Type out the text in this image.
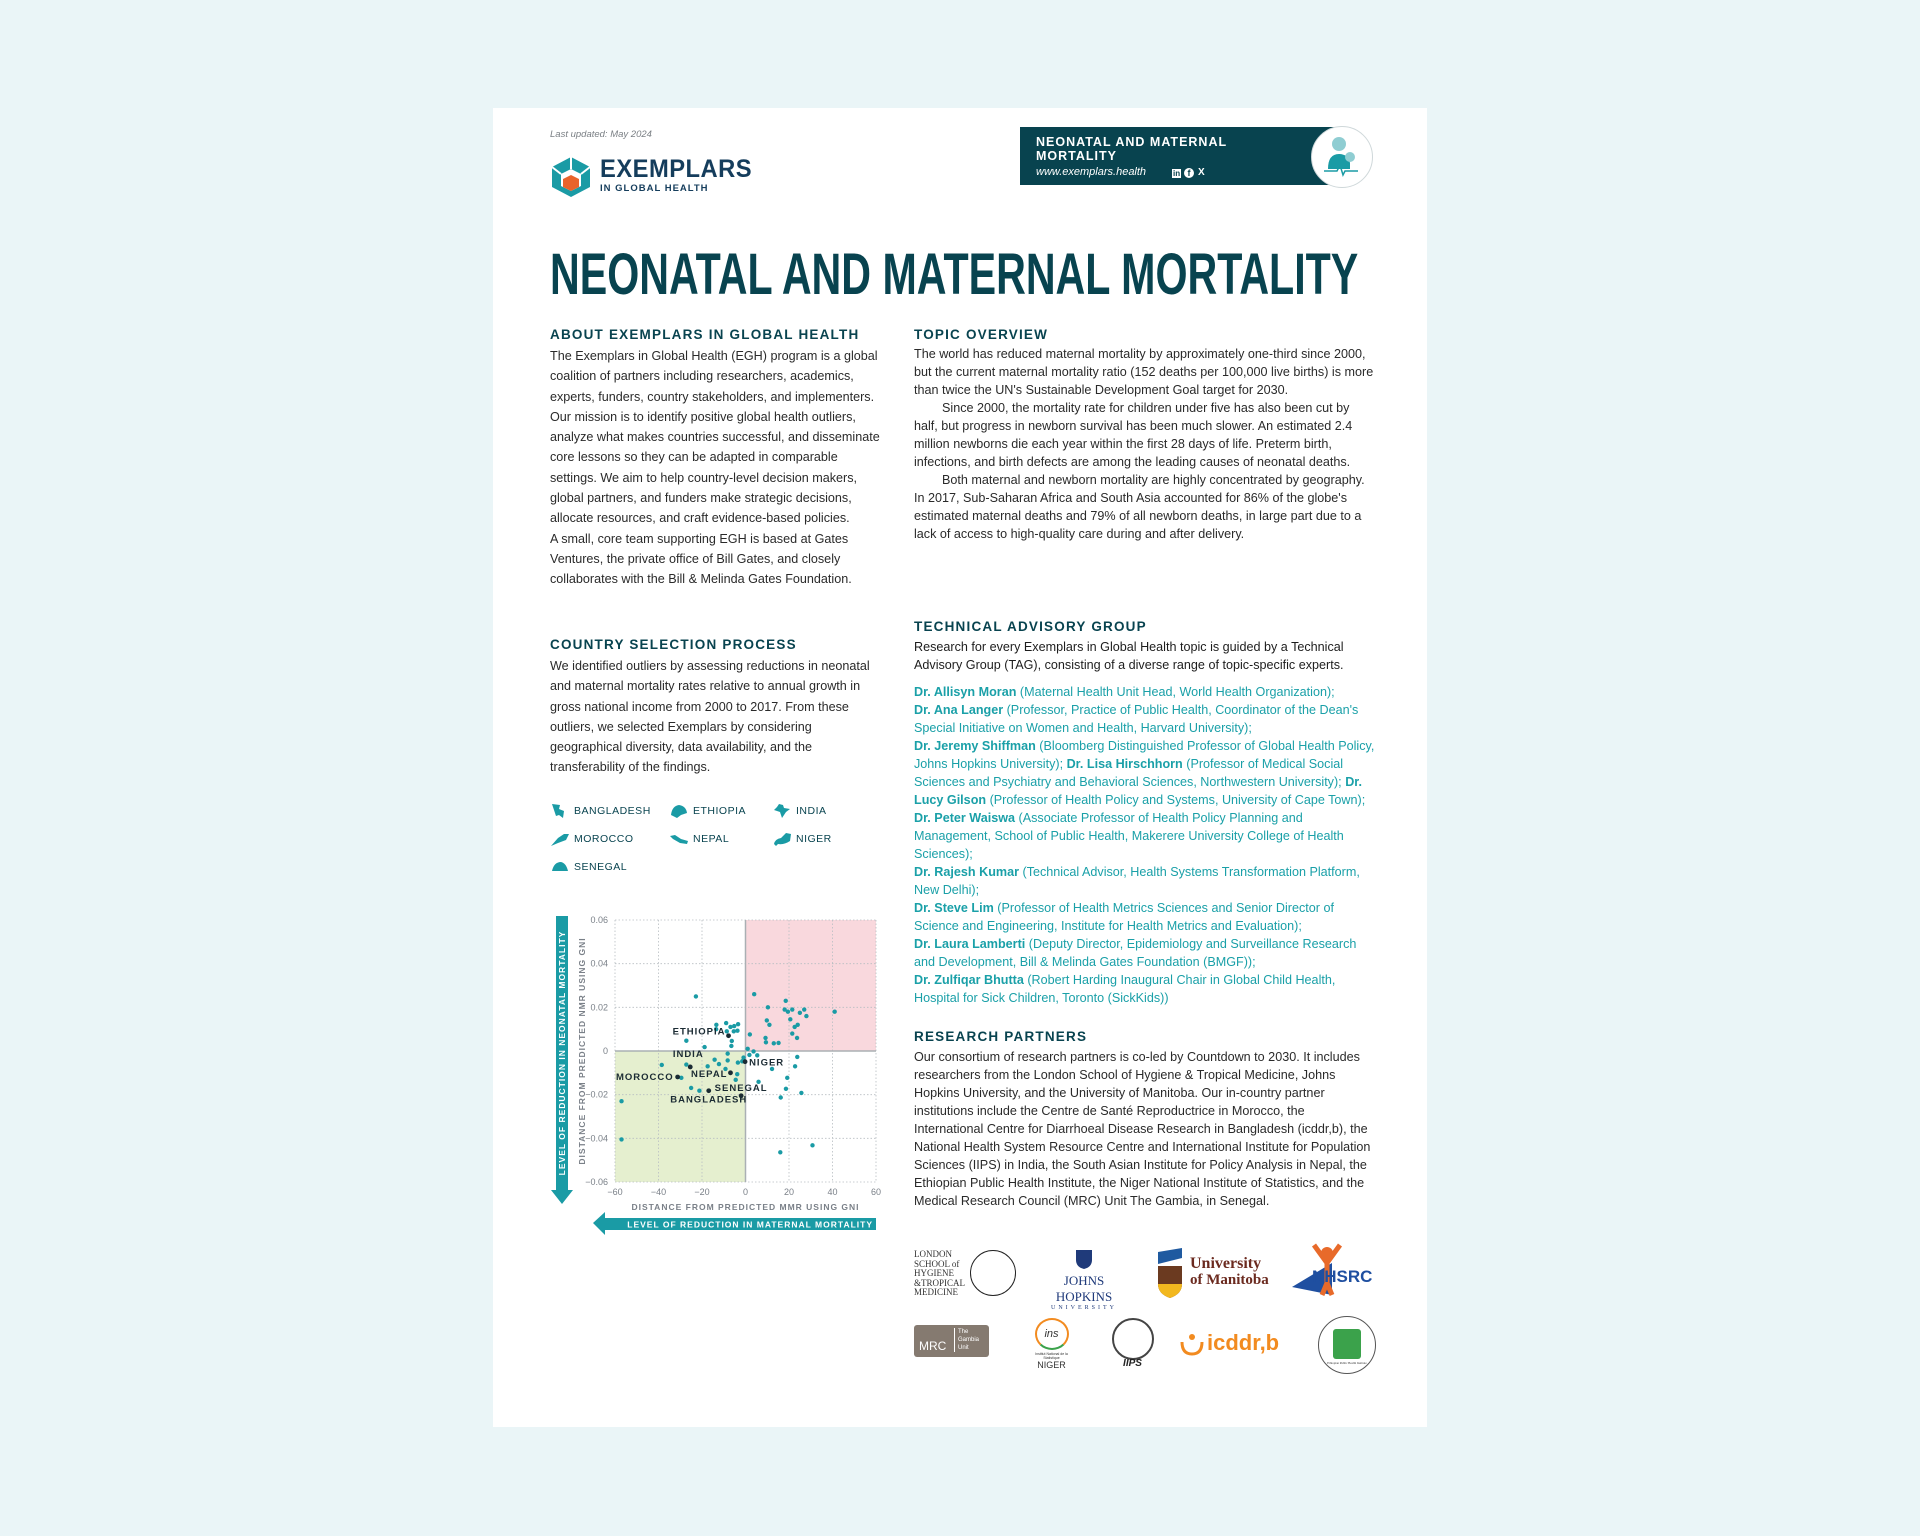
Last updated: May 2024
EXEMPLARS
IN GLOBAL HEALTH
NEONATAL AND MATERNAL MORTALITY
www.exemplars.health	in f X
NEONATAL AND MATERNAL MORTALITY
ABOUT EXEMPLARS IN GLOBAL HEALTH

The Exemplars in Global Health (EGH) program is a global coalition of partners including researchers, academics, experts, funders, country stakeholders, and implementers. Our mission is to identify positive global health outliers, analyze what makes countries successful, and disseminate core lessons so they can be adapted in comparable settings. We aim to help country-level decision makers, global partners, and funders make strategic decisions, allocate resources, and craft evidence-based policies.

A small, core team supporting EGH is based at Gates Ventures, the private office of Bill Gates, and closely collaborates with the Bill & Melinda Gates Foundation.

COUNTRY SELECTION PROCESS

We identified outliers by assessing reductions in neonatal and maternal mortality rates relative to annual growth in gross national income from 2000 to 2017. From these outliers, we selected Exemplars by considering geographical diversity, data availability, and the transferability of the findings.

BANGLADESH	ETHIOPIA	INDIA
MOROCCO	NEPAL	NIGER
SENEGAL
−60	−40	−20	0	20	40	60
0.06
0.04
0.02
0
−0.02
−0.04
−0.06
ETHIOPIA
INDIA
NIGER
MOROCCO NEPAL
SENEGAL
BANGLADESH
DISTANCE FROM PREDICTED MMR USING GNI
DISTANCE FROM PREDICTED NMR USING GNI
LEVEL OF REDUCTION IN MATERNAL MORTALITY
LEVEL OF REDUCTION IN NEONATAL MORTALITY
TOPIC OVERVIEW

The world has reduced maternal mortality by approximately one-third since 2000, but the current maternal mortality ratio (152 deaths per 100,000 live births) is more than twice the UN's Sustainable Development Goal target for 2030.

Since 2000, the mortality rate for children under five has also been cut by half, but progress in newborn survival has been much slower. An estimated 2.4 million newborns die each year within the first 28 days of life. Preterm birth, infections, and birth defects are among the leading causes of neonatal deaths.

Both maternal and newborn mortality are highly concentrated by geography. In 2017, Sub-Saharan Africa and South Asia accounted for 86% of the globe's estimated maternal deaths and 79% of all newborn deaths, in large part due to a lack of access to high-quality care during and after delivery.

TECHNICAL ADVISORY GROUP

Research for every Exemplars in Global Health topic is guided by a Technical Advisory Group (TAG), consisting of a diverse range of topic-specific experts.

Dr. Allisyn Moran (Maternal Health Unit Head, World Health Organization);
Dr. Ana Langer (Professor, Practice of Public Health, Coordinator of the Dean's Special Initiative on Women and Health, Harvard University);
Dr. Jeremy Shiffman (Bloomberg Distinguished Professor of Global Health Policy, Johns Hopkins University); Dr. Lisa Hirschhorn (Professor of Medical Social Sciences and Psychiatry and Behavioral Sciences, Northwestern University); Dr. Lucy Gilson (Professor of Health Policy and Systems, University of Cape Town); Dr. Peter Waiswa (Associate Professor of Health Policy Planning and Management, School of Public Health, Makerere University College of Health Sciences);
Dr. Rajesh Kumar (Technical Advisor, Health Systems Transformation Platform, New Delhi);
Dr. Steve Lim (Professor of Health Metrics Sciences and Senior Director of Science and Engineering, Institute for Health Metrics and Evaluation);
Dr. Laura Lamberti (Deputy Director, Epidemiology and Surveillance Research and Development, Bill & Melinda Gates Foundation (BMGF));
Dr. Zulfiqar Bhutta (Robert Harding Inaugural Chair in Global Child Health, Hospital for Sick Children, Toronto (SickKids))

RESEARCH PARTNERS

Our consortium of research partners is co-led by Countdown to 2030. It includes researchers from the London School of Hygiene & Tropical Medicine, Johns Hopkins University, and the University of Manitoba. Our in-country partner institutions include the Centre de Santé Reproductrice in Morocco, the International Centre for Diarrhoeal Disease Research in Bangladesh (icddr,b), the National Health System Resource Centre and International Institute for Population Sciences (IIPS) in India, the South Asian Institute for Policy Analysis in Nepal, the Ethiopian Public Health Institute, the Niger National Institute of Statistics, and the Medical Research Council (MRC) Unit The Gambia, in Senegal.

LONDON SCHOOL of HYGIENE &TROPICAL MEDICINE
JOHNS HOPKINS
UNIVERSITY
University
of Manitoba	NHSRC
MRC
The Gambia Unit
ins
Institut National de la Statistique
NIGER	IIPS
icddr,b
Ethiopian Public Health Institute
